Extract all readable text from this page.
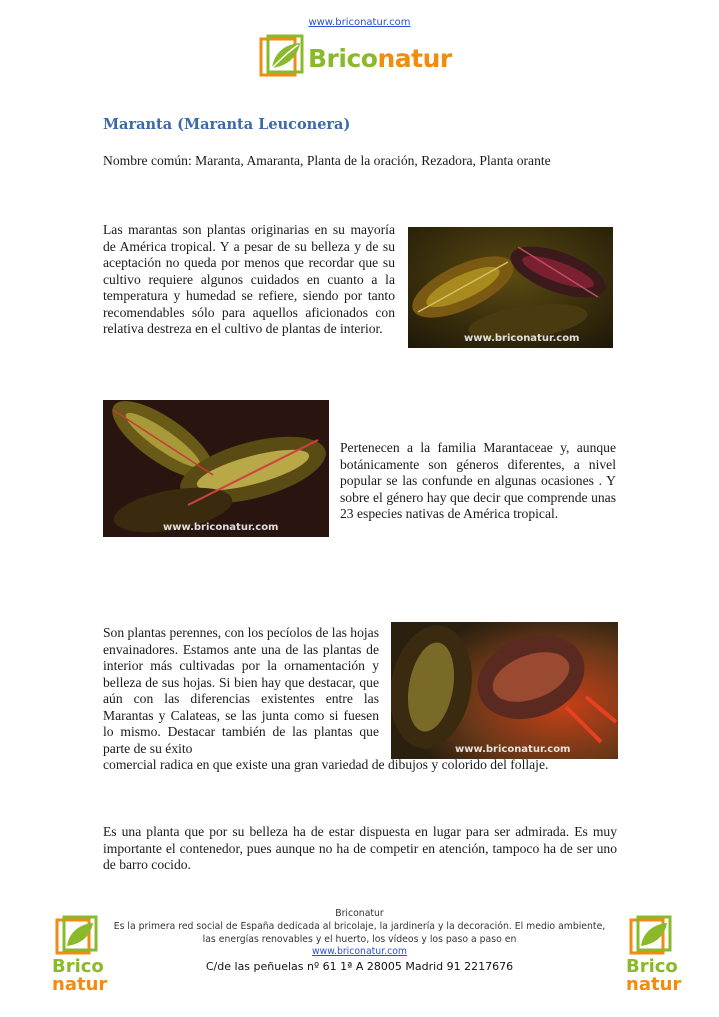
www.briconatur.com
Briconatur
Maranta (Maranta Leuconera)
Nombre común: Maranta, Amaranta, Planta de la oración, Rezadora, Planta orante
Las marantas son plantas originarias en su mayoría de América tropical. Y a pesar de su belleza y de su aceptación no queda por menos que recordar que su cultivo requiere algunos cuidados en cuanto a la temperatura y humedad se refiere, siendo por tanto recomendables sólo para aquellos aficionados con relativa destreza en el cultivo de plantas de interior.
www.briconatur.com
www.briconatur.com
Pertenecen a la familia Marantaceae y, aunque botánicamente son géneros diferentes, a nivel popular se las confunde en algunas ocasiones . Y sobre el género hay que decir que comprende unas 23 especies nativas de América tropical.
Son plantas perennes, con los pecíolos de las hojas envainadores. Estamos ante una de las plantas de interior más cultivadas por la ornamentación y belleza de sus hojas. Si bien hay que destacar, que aún con las diferencias existentes entre las Marantas y Calateas, se las junta como si fuesen lo mismo. Destacar también de las plantas que parte de su éxito	www.briconatur.com
comercial radica en que existe una gran variedad de dibujos y colorido del follaje.
Es una planta que por su belleza ha de estar dispuesta en lugar para ser admirada. Es muy importante el contenedor, pues aunque no ha de competir en atención, tampoco ha de ser uno de barro cocido.
Briconatur
Es la primera red social de España dedicada al bricolaje, la jardinería y la decoración. El medio ambiente,
las energías renovables y el huerto, los vídeos y los paso a paso en
www.briconatur.com
C/de las peñuelas nº 61 1ª A 28005 Madrid 91 2217676
Brico
natur
Brico
natur
